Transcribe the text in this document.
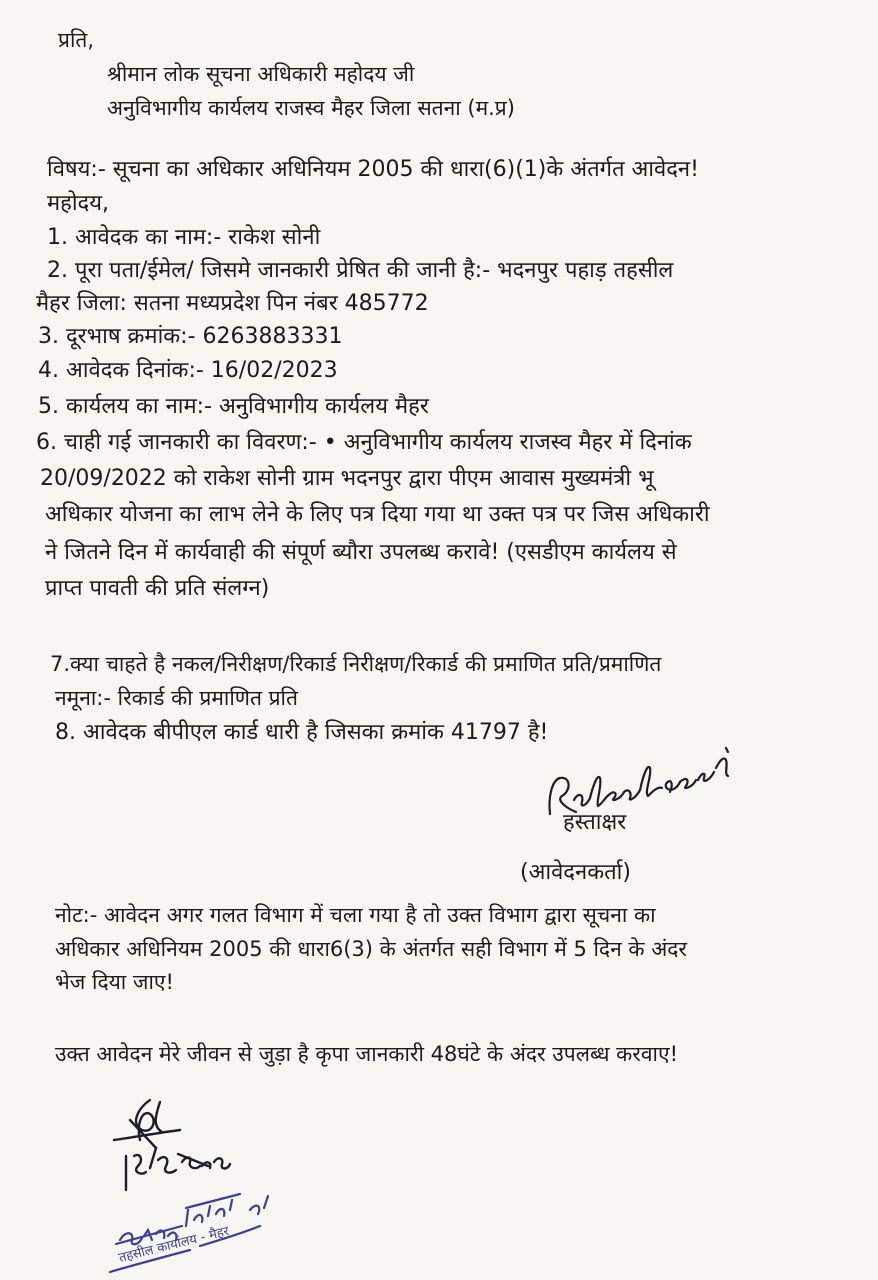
प्रति,
श्रीमान लोक सूचना अधिकारी महोदय जी
अनुविभागीय कार्यलय राजस्व मैहर जिला सतना (म.प्र)
विषय:- सूचना का अधिकार अधिनियम 2005 की धारा(6)(1)के अंतर्गत आवेदन!
महोदय,
1. आवेदक का नाम:- राकेश सोनी
2. पूरा पता/ईमेल/ जिसमे जानकारी प्रेषित की जानी है:- भदनपुर पहाड़ तहसील
मैहर जिला: सतना मध्यप्रदेश पिन नंबर 485772
3. दूरभाष क्रमांक:- 6263883331
4. आवेदक दिनांक:- 16/02/2023
5. कार्यलय का नाम:- अनुविभागीय कार्यलय मैहर
6. चाही गई जानकारी का विवरण:- • अनुविभागीय कार्यलय राजस्व मैहर में दिनांक
20/09/2022 को राकेश सोनी ग्राम भदनपुर द्वारा पीएम आवास मुख्यमंत्री भू
अधिकार योजना का लाभ लेने के लिए पत्र दिया गया था उक्त पत्र पर जिस अधिकारी
ने जितने दिन में कार्यवाही की संपूर्ण ब्यौरा उपलब्ध करावे! (एसडीएम कार्यलय से
प्राप्त पावती की प्रति संलग्न)
7.क्या चाहते है नकल/निरीक्षण/रिकार्ड निरीक्षण/रिकार्ड की प्रमाणित प्रति/प्रमाणित
नमूना:- रिकार्ड की प्रमाणित प्रति
8. आवेदक बीपीएल कार्ड धारी है जिसका क्रमांक 41797 है!
हस्ताक्षर
(आवेदनकर्ता)
नोट:- आवेदन अगर गलत विभाग में चला गया है तो उक्त विभाग द्वारा सूचना का
अधिकार अधिनियम 2005 की धारा6(3) के अंतर्गत सही विभाग में 5 दिन के अंदर
भेज दिया जाए!
उक्त आवेदन मेरे जीवन से जुड़ा है कृपा जानकारी 48घंटे के अंदर उपलब्ध करवाए!
तहसील कार्यालय - मैहर
